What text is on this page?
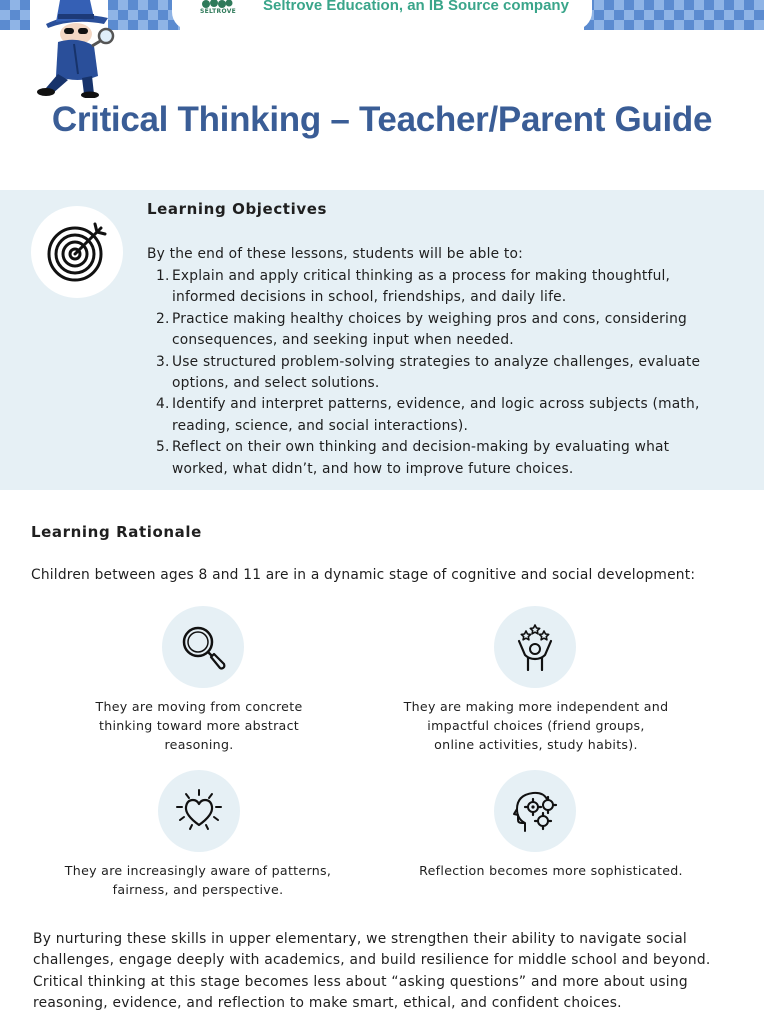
SELTROVE Seltrove Education, an IB Source company
Critical Thinking – Teacher/Parent Guide
Learning Objectives
By the end of these lessons, students will be able to:
1. Explain and apply critical thinking as a process for making thoughtful,
informed decisions in school, friendships, and daily life.
2. Practice making healthy choices by weighing pros and cons, considering
consequences, and seeking input when needed.
3. Use structured problem-solving strategies to analyze challenges, evaluate
options, and select solutions.
4. Identify and interpret patterns, evidence, and logic across subjects (math,
reading, science, and social interactions).
5. Reflect on their own thinking and decision-making by evaluating what
worked, what didn’t, and how to improve future choices.
Learning Rationale
Children between ages 8 and 11 are in a dynamic stage of cognitive and social development:
They are moving from concrete
thinking toward more abstract
reasoning.
They are making more independent and
impactful choices (friend groups,
online activities, study habits).
They are increasingly aware of patterns,
fairness, and perspective.
Reflection becomes more sophisticated.

By nurturing these skills in upper elementary, we strengthen their ability to navigate social challenges, engage deeply with academics, and build resilience for middle school and beyond. Critical thinking at this stage becomes less about “asking questions” and more about using reasoning, evidence, and reflection to make smart, ethical, and confident choices.
